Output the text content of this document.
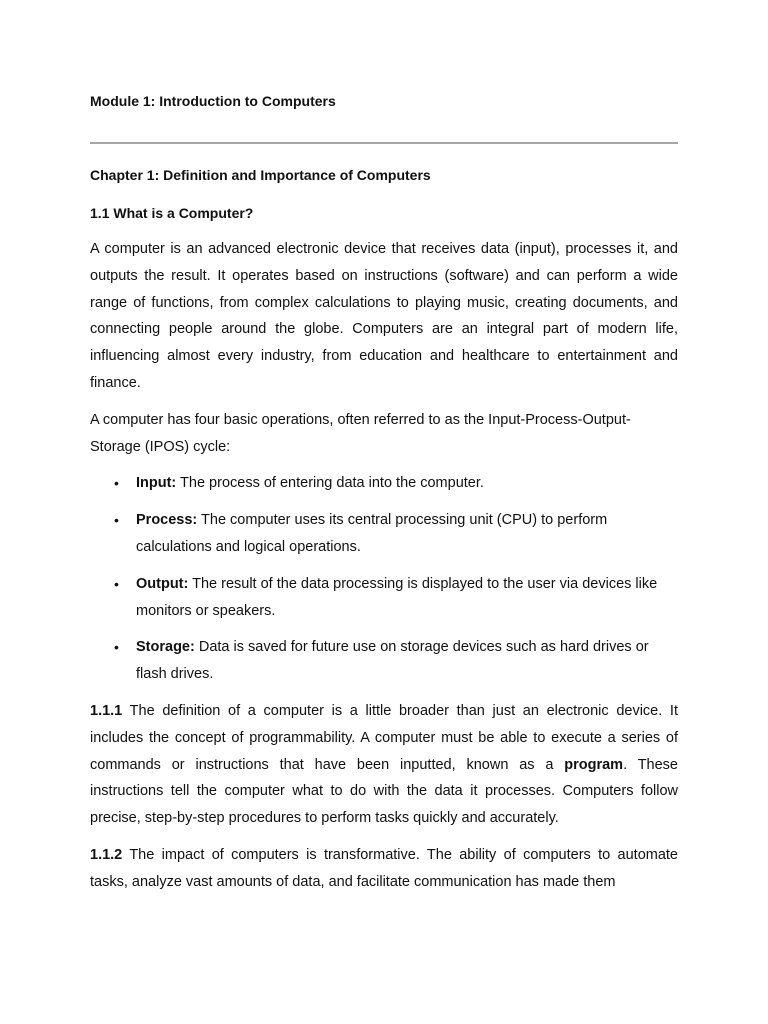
Module 1: Introduction to Computers
Chapter 1: Definition and Importance of Computers
1.1 What is a Computer?

A computer is an advanced electronic device that receives data (input), processes it, and outputs the result. It operates based on instructions (software) and can perform a wide range of functions, from complex calculations to playing music, creating documents, and connecting people around the globe. Computers are an integral part of modern life, influencing almost every industry, from education and healthcare to entertainment and finance.

A computer has four basic operations, often referred to as the Input-Process-Output-Storage (IPOS) cycle:

• Input: The process of entering data into the computer.
• Process: The computer uses its central processing unit (CPU) to perform calculations and logical operations.
• Output: The result of the data processing is displayed to the user via devices like monitors or speakers.
• Storage: Data is saved for future use on storage devices such as hard drives or flash drives.

1.1.1 The definition of a computer is a little broader than just an electronic device. It includes the concept of programmability. A computer must be able to execute a series of commands or instructions that have been inputted, known as a program. These instructions tell the computer what to do with the data it processes. Computers follow precise, step-by-step procedures to perform tasks quickly and accurately.

1.1.2 The impact of computers is transformative. The ability of computers to automate tasks, analyze vast amounts of data, and facilitate communication has made them
